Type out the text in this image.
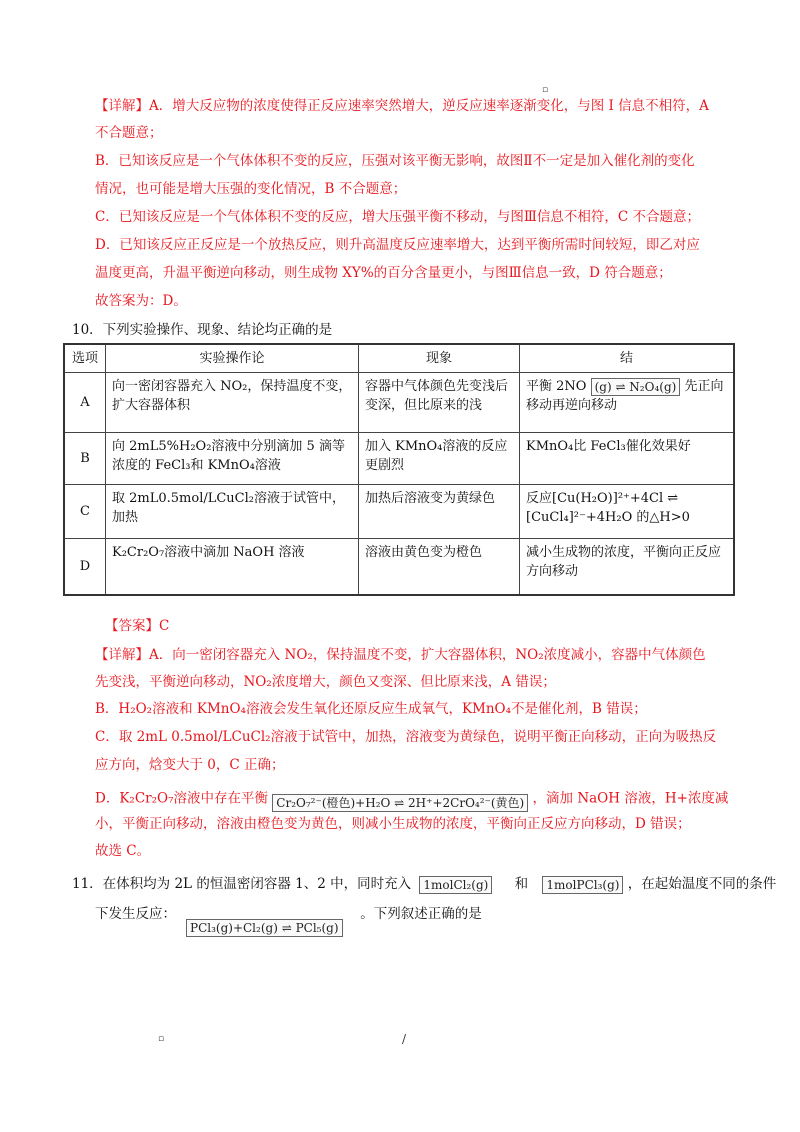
▫
【详解】A．增大反应物的浓度使得正反应速率突然增大，逆反应速率逐渐变化，与图 I 信息不相符，A
不合题意；
B．已知该反应是一个气体体积不变的反应，压强对该平衡无影响，故图Ⅱ不一定是加入催化剂的变化
情况，也可能是增大压强的变化情况，B 不合题意；
C．已知该反应是一个气体体积不变的反应，增大压强平衡不移动，与图Ⅲ信息不相符，C 不合题意；
D．已知该反应正反应是一个放热反应，则升高温度反应速率增大，达到平衡所需时间较短，即乙对应
温度更高，升温平衡逆向移动，则生成物 XY%的百分含量更小，与图Ⅲ信息一致，D 符合题意；
故答案为：D。
10．下列实验操作、现象、结论均正确的是
选项	实验操作论	现象	结
A	向一密闭容器充入 NO₂，保持温度不变，扩大容器体积	容器中气体颜色先变浅后变深，但比原来的浅	平衡 2NO (g) ⇌ N₂O₄(g) 先正向移动再逆向移动
B	向 2mL5%H₂O₂溶液中分别滴加 5 滴等浓度的 FeCl₃和 KMnO₄溶液	加入 KMnO₄溶液的反应更剧烈	KMnO₄比 FeCl₃催化效果好
C	取 2mL0.5mol/LCuCl₂溶液于试管中，加热	加热后溶液变为黄绿色	反应[Cu(H₂O)]²⁺+4Cl ⇌ [CuCl₄]²⁻+4H₂O 的△H>0
D	K₂Cr₂O₇溶液中滴加 NaOH 溶液	溶液由黄色变为橙色	减小生成物的浓度，平衡向正反应方向移动
【答案】C
【详解】A．向一密闭容器充入 NO₂，保持温度不变，扩大容器体积，NO₂浓度减小，容器中气体颜色
先变浅，平衡逆向移动，NO₂浓度增大，颜色又变深、但比原来浅，A 错误；
B．H₂O₂溶液和 KMnO₄溶液会发生氧化还原反应生成氧气，KMnO₄不是催化剂，B 错误；
C．取 2mL 0.5mol/LCuCl₂溶液于试管中，加热，溶液变为黄绿色，说明平衡正向移动，正向为吸热反
应方向，焓变大于 0，C 正确；
D．K₂Cr₂O₇溶液中存在平衡 Cr₂O₇²⁻(橙色)+H₂O ⇌ 2H⁺+2CrO₄²⁻(黄色) ，滴加 NaOH 溶液，H+浓度减
小，平衡正向移动，溶液由橙色变为黄色，则减小生成物的浓度，平衡向正反应方向移动，D 错误；
故选 C。
11．在体积均为 2L 的恒温密闭容器 1、2 中，同时充入 1molCl₂(g) 和 1molPCl₃(g) ，在起始温度不同的条件
下发生反应：	。下列叙述正确的是
PCl₃(g)+Cl₂(g) ⇌ PCl₅(g)
▫	/
